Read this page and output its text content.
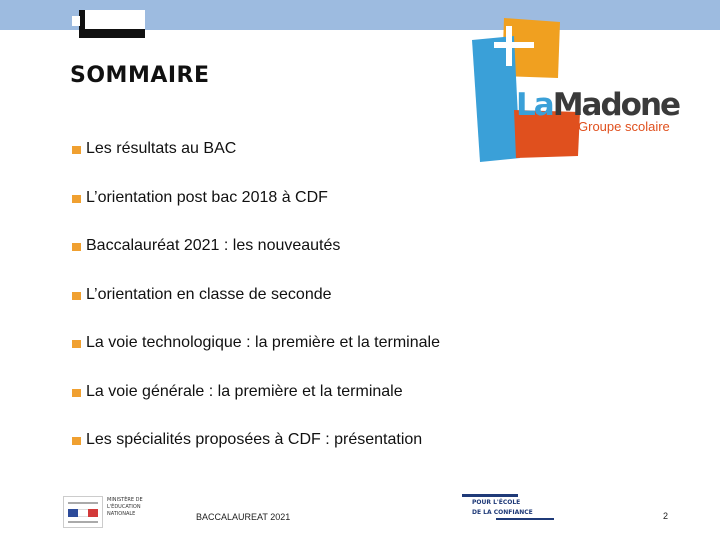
SOMMAIRE
Les résultats au BAC
L’orientation post bac 2018 à CDF
Baccalauréat 2021 : les nouveautés
L’orientation en classe de seconde
La voie technologique : la première et la terminale
La voie générale : la première et la terminale
Les spécialités proposées à CDF : présentation
LaMadone
Groupe scolaire
MINISTÈRE DE L'ÉDUCATION NATIONALE	BACCALAUREAT 2021
POUR L'ÉCOLE
DE LA CONFIANCE	2
